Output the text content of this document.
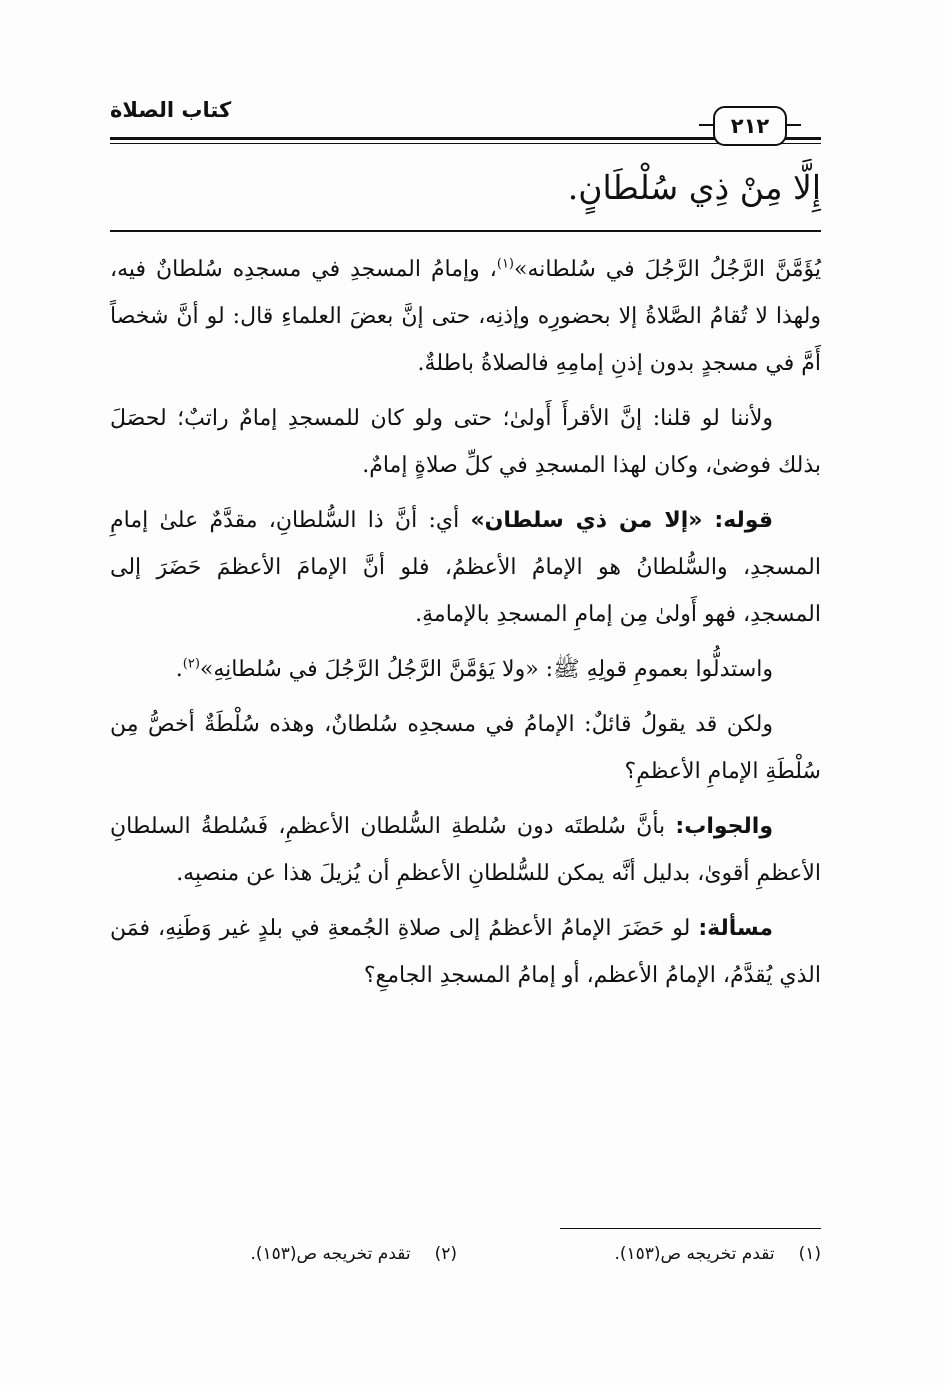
٢١٢
كتاب الصلاة
إِلَّا مِنْ ذِي سُلْطَانٍ.

يُؤَمَّنَّ الرَّجُلُ الرَّجُلَ في سُلطانه»$^{(١)}$، وإمامُ المسجدِ في مسجدِه سُلطانٌ فيه، ولهذا لا تُقامُ الصَّلاةُ إلا بحضورِه وإذنِه، حتى إنَّ بعضَ العلماءِ قال: لو أنَّ شخصاً أَمَّ في مسجدٍ بدون إذنِ إمامِهِ فالصلاةُ باطلةٌ.

ولأننا لو قلنا: إنَّ الأقرأَ أَولىٰ؛ حتى ولو كان للمسجدِ إمامٌ راتبٌ؛ لحصَلَ بذلك فوضىٰ، وكان لهذا المسجدِ في كلِّ صلاةٍ إمامٌ.

قوله: «إلا من ذي سلطان» أي: أنَّ ذا السُّلطانِ، مقدَّمٌ علىٰ إمامِ المسجدِ، والسُّلطانُ هو الإمامُ الأعظمُ، فلو أنَّ الإمامَ الأعظمَ حَضَرَ إلى المسجدِ، فهو أَولىٰ مِن إمامِ المسجدِ بالإمامةِ.

واستدلُّوا بعمومِ قولِهِ ﷺ: «ولا يَؤمَّنَّ الرَّجُلُ الرَّجُلَ في سُلطانِهِ»$^{(٢)}$.

ولكن قد يقولُ قائلٌ: الإمامُ في مسجدِه سُلطانٌ، وهذه سُلْطَةٌ أخصُّ مِن سُلْطَةِ الإمامِ الأعظمِ؟

والجواب: بأنَّ سُلطتَه دون سُلطةِ السُّلطان الأعظمِ، فَسُلطةُ السلطانِ الأعظمِ أقوىٰ، بدليل أنَّه يمكن للسُّلطانِ الأعظمِ أن يُزيلَ هذا عن منصبِه.

مسألة: لو حَضَرَ الإمامُ الأعظمُ إلى صلاةِ الجُمعةِ في بلدٍ غير وَطَنِهِ، فمَن الذي يُقدَّمُ، الإمامُ الأعظم، أو إمامُ المسجدِ الجامعِ؟

(١)تقدم تخريجه ص(١٥٣).
(٢)تقدم تخريجه ص(١٥٣).
